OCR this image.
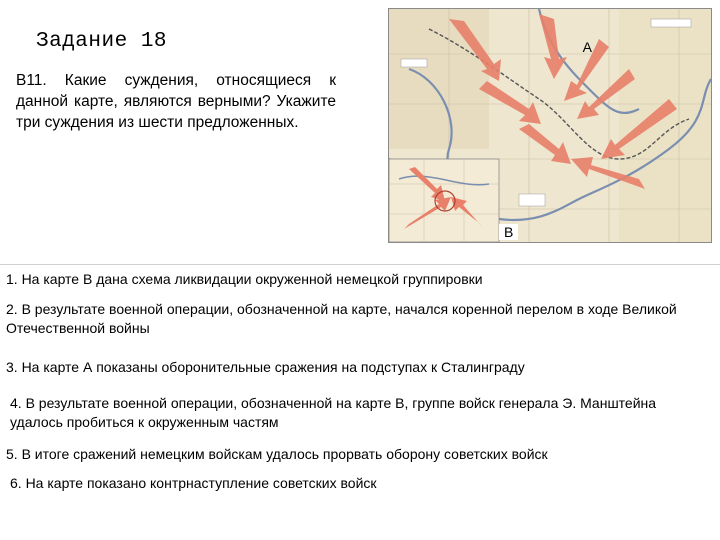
Задание 18
В11. Какие суждения, относящиеся к данной карте, являются верными? Укажите три суждения из шести предложенных.
А
В
1. На карте В дана схема ликвидации окруженной немецкой группировки
2. В результате военной операции, обозначенной на карте, начался коренной перелом в ходе Великой Отечественной войны
3. На карте А показаны оборонительные сражения на подступах к Сталинграду
4. В результате военной операции, обозначенной на карте В, группе войск генерала Э. Манштейна удалось пробиться к окруженным частям
5. В итоге сражений немецким войскам удалось прорвать оборону советских войск
6. На карте показано контрнаступление советских войск
